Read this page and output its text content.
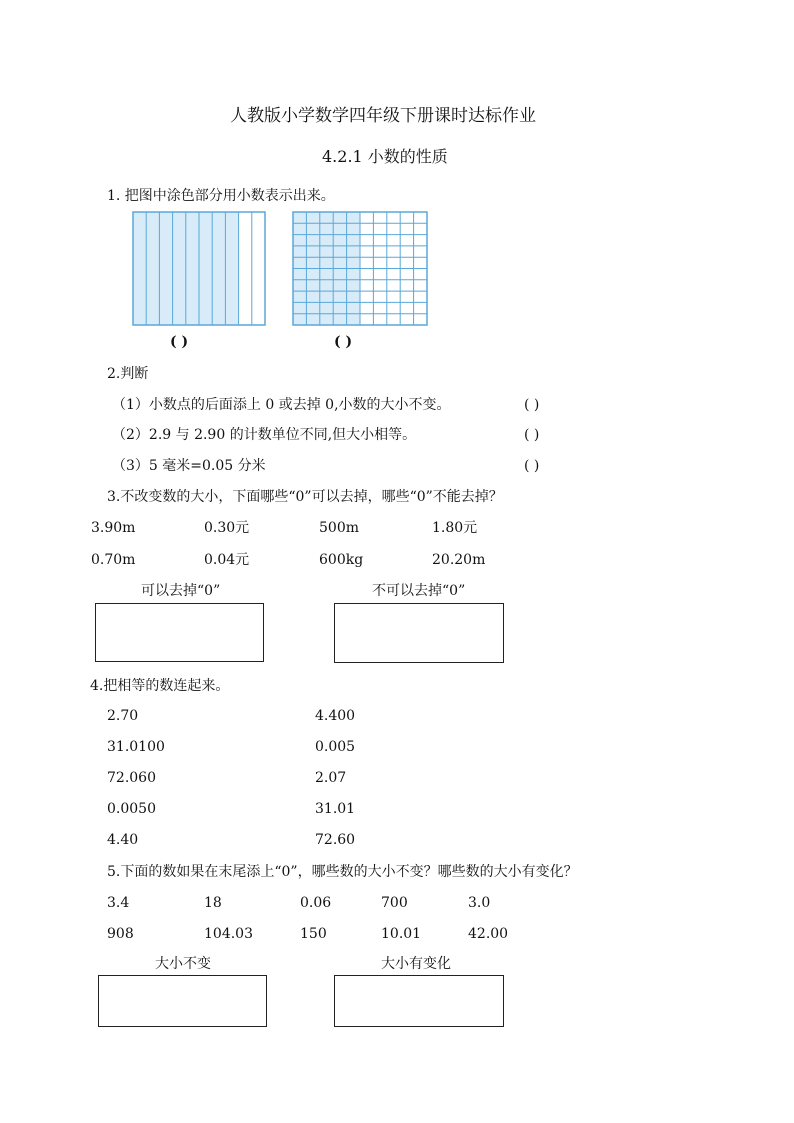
人教版小学数学四年级下册课时达标作业
4.2.1 小数的性质
1. 把图中涂色部分用小数表示出来。
( )	( )
2.判断
（1）小数点的后面添上 0 或去掉 0,小数的大小不变。	( )
（2）2.9 与 2.90 的计数单位不同,但大小相等。	( )
（3）5 毫米=0.05 分米	( )
3.不改变数的大小，下面哪些“0”可以去掉，哪些“0”不能去掉？
3.90m	0.30元	500m	1.80元
0.70m	0.04元	600kg	20.20m
可以去掉“0”	不可以去掉“0”
4.把相等的数连起来。
2.70	4.400
31.0100	0.005
72.060	2.07
0.0050	31.01
4.40	72.60
5.下面的数如果在末尾添上“0”，哪些数的大小不变？哪些数的大小有变化？
3.4	18	0.06	700	3.0
908	104.03	150	10.01	42.00
大小不变	大小有变化
